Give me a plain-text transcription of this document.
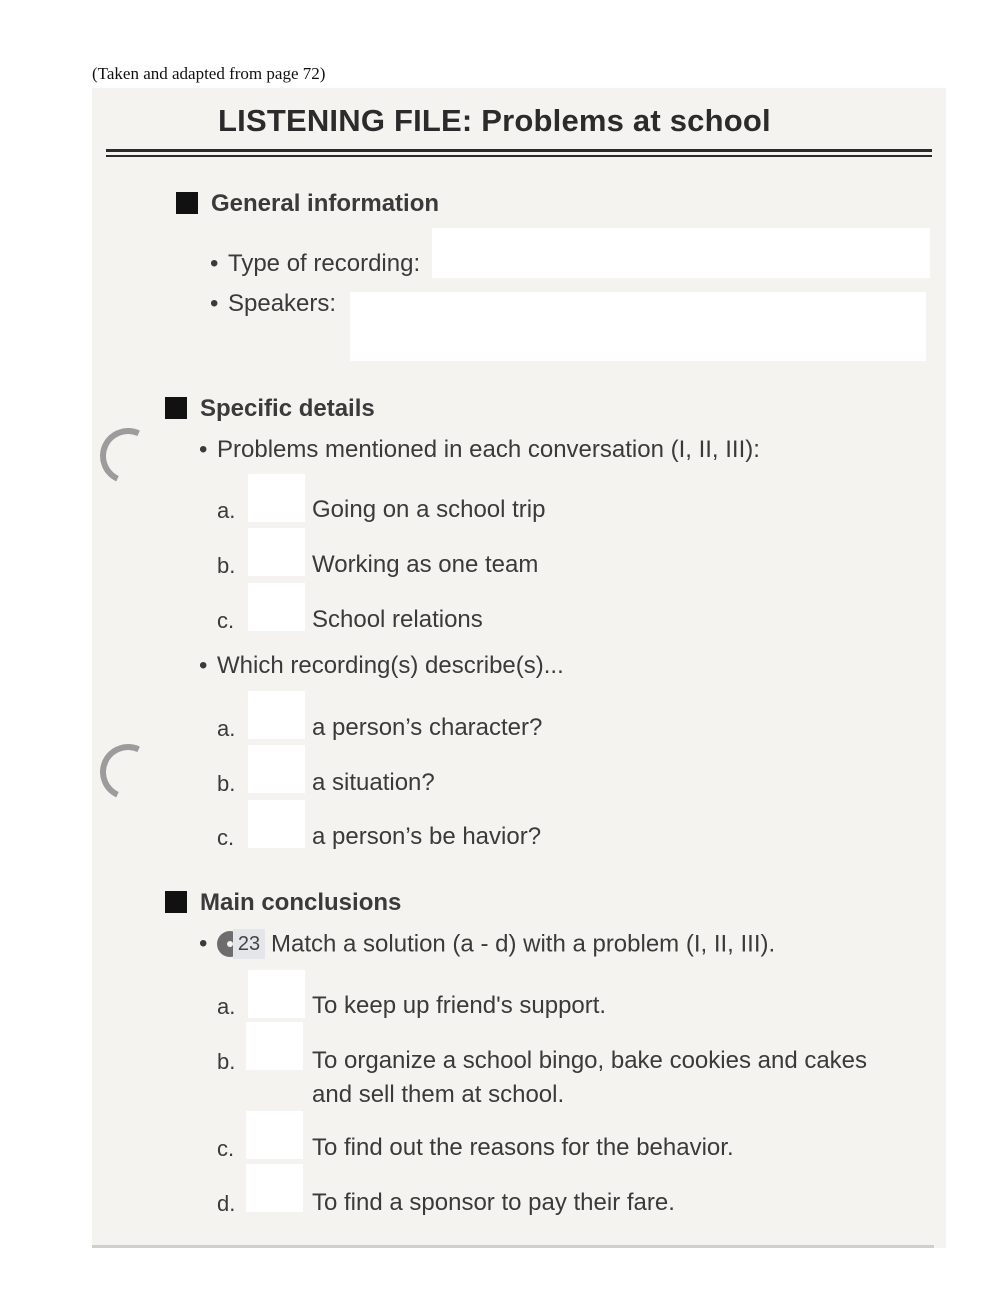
(Taken and adapted from page 72)
LISTENING FILE: Problems at school
General information
• Type of recording:
• Speakers:
Specific details
• Problems mentioned in each conversation (I, II, III):
a.	Going on a school trip
b.	Working as one team
c.	School relations
• Which recording(s) describe(s)...
a.	a person’s character?
b.	a situation?
c.	a person’s be havior?
Main conclusions
• 23 Match a solution (a - d) with a problem (I, II, III).
a.	To keep up friend's support.
b.	To organize a school bingo, bake cookies and cakes and sell them at school.
c.	To find out the reasons for the behavior.
d.	To find a sponsor to pay their fare.
